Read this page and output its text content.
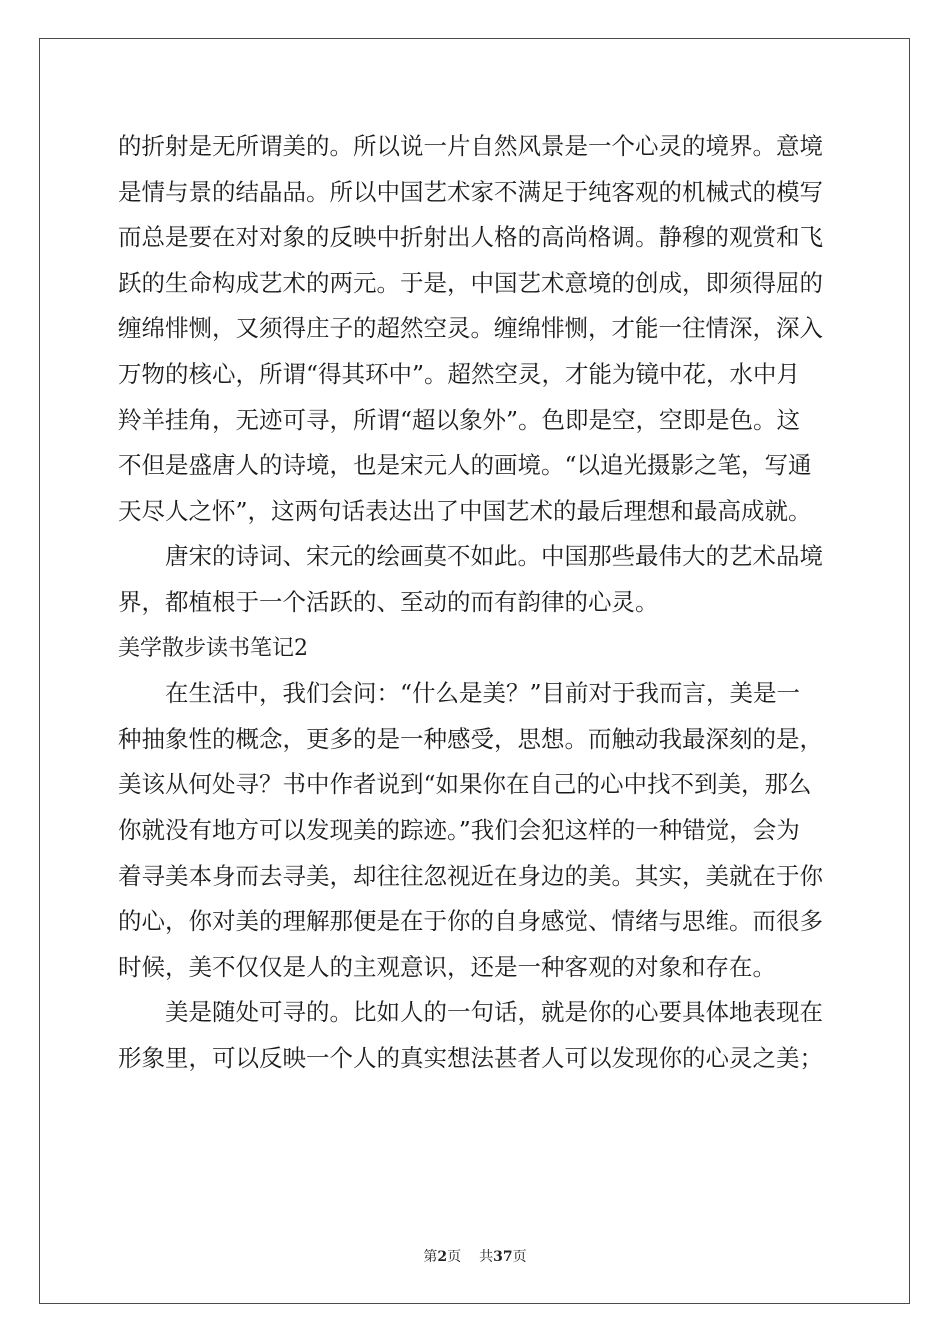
的折射是无所谓美的。所以说一片自然风景是一个心灵的境界。意境
是情与景的结晶品。所以中国艺术家不满足于纯客观的机械式的模写
而总是要在对对象的反映中折射出人格的高尚格调。静穆的观赏和飞
跃的生命构成艺术的两元。于是，中国艺术意境的创成，即须得屈的
缠绵悱恻，又须得庄子的超然空灵。缠绵悱恻，才能一往情深，深入
万物的核心，所谓“得其环中”。超然空灵，才能为镜中花，水中月
羚羊挂角，无迹可寻，所谓“超以象外”。色即是空，空即是色。这
不但是盛唐人的诗境，也是宋元人的画境。“以追光摄影之笔，写通
天尽人之怀”，这两句话表达出了中国艺术的最后理想和最高成就。
唐宋的诗词、宋元的绘画莫不如此。中国那些最伟大的艺术品境
界，都植根于一个活跃的、至动的而有韵律的心灵。
美学散步读书笔记2
在生活中，我们会问：“什么是美？”目前对于我而言，美是一
种抽象性的概念，更多的是一种感受，思想。而触动我最深刻的是，
美该从何处寻？书中作者说到“如果你在自己的心中找不到美，那么
你就没有地方可以发现美的踪迹。”我们会犯这样的一种错觉，会为
着寻美本身而去寻美，却往往忽视近在身边的美。其实，美就在于你
的心，你对美的理解那便是在于你的自身感觉、情绪与思维。而很多
时候，美不仅仅是人的主观意识，还是一种客观的对象和存在。
美是随处可寻的。比如人的一句话，就是你的心要具体地表现在
形象里，可以反映一个人的真实想法甚者人可以发现你的心灵之美；
第2页 共37页
